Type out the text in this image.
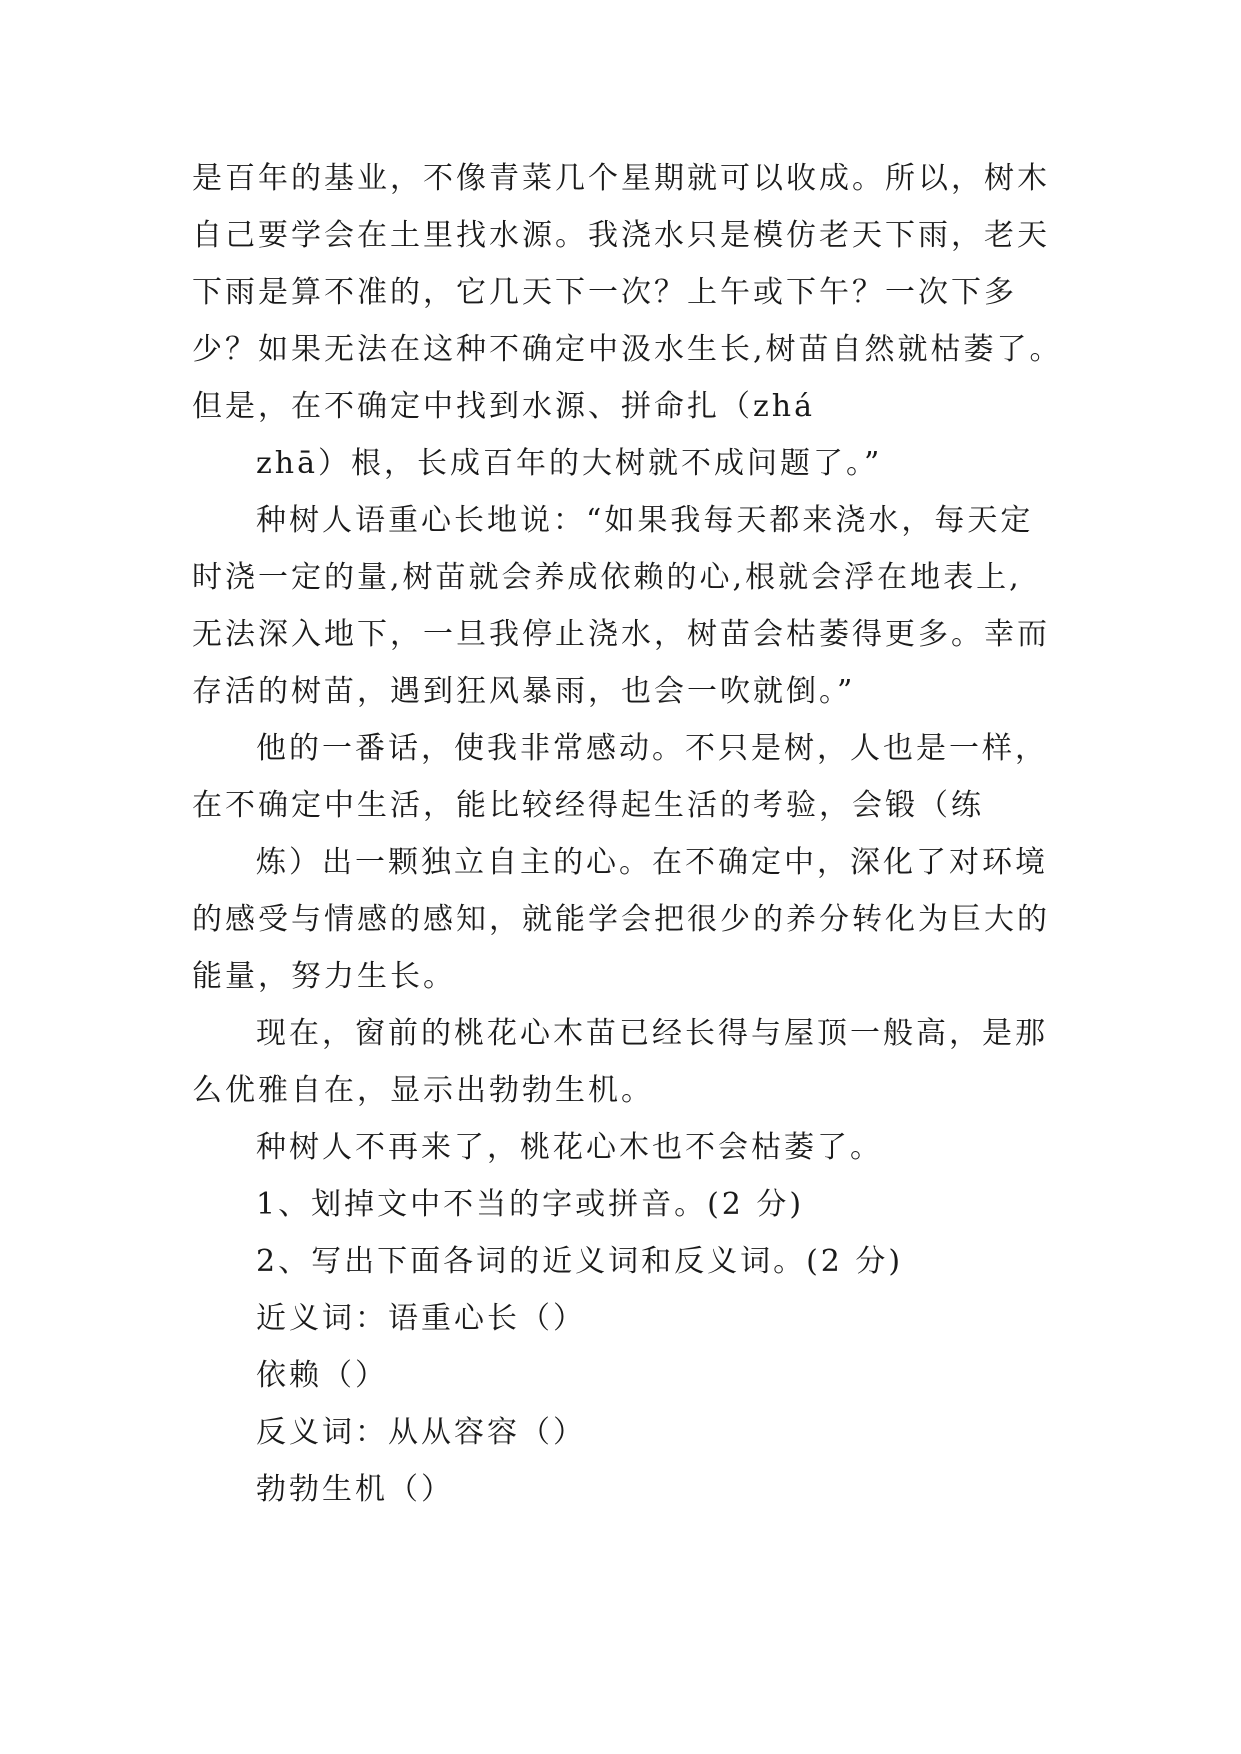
是百年的基业，不像青菜几个星期就可以收成。所以，树木
自己要学会在土里找水源。我浇水只是模仿老天下雨，老天
下雨是算不准的，它几天下一次？上午或下午？一次下多
少？如果无法在这种不确定中汲水生长,树苗自然就枯萎了。
但是，在不确定中找到水源、拼命扎（zhá
zhā）根，长成百年的大树就不成问题了。”
种树人语重心长地说：“如果我每天都来浇水，每天定
时浇一定的量,树苗就会养成依赖的心,根就会浮在地表上,
无法深入地下，一旦我停止浇水，树苗会枯萎得更多。幸而
存活的树苗，遇到狂风暴雨，也会一吹就倒。”
他的一番话，使我非常感动。不只是树，人也是一样，
在不确定中生活，能比较经得起生活的考验，会锻（练
炼）出一颗独立自主的心。在不确定中，深化了对环境
的感受与情感的感知，就能学会把很少的养分转化为巨大的
能量，努力生长。
现在，窗前的桃花心木苗已经长得与屋顶一般高，是那
么优雅自在，显示出勃勃生机。
种树人不再来了，桃花心木也不会枯萎了。
1、划掉文中不当的字或拼音。(2 分)
2、写出下面各词的近义词和反义词。(2 分)
近义词：语重心长（）
依赖（）
反义词：从从容容（）
勃勃生机（）
